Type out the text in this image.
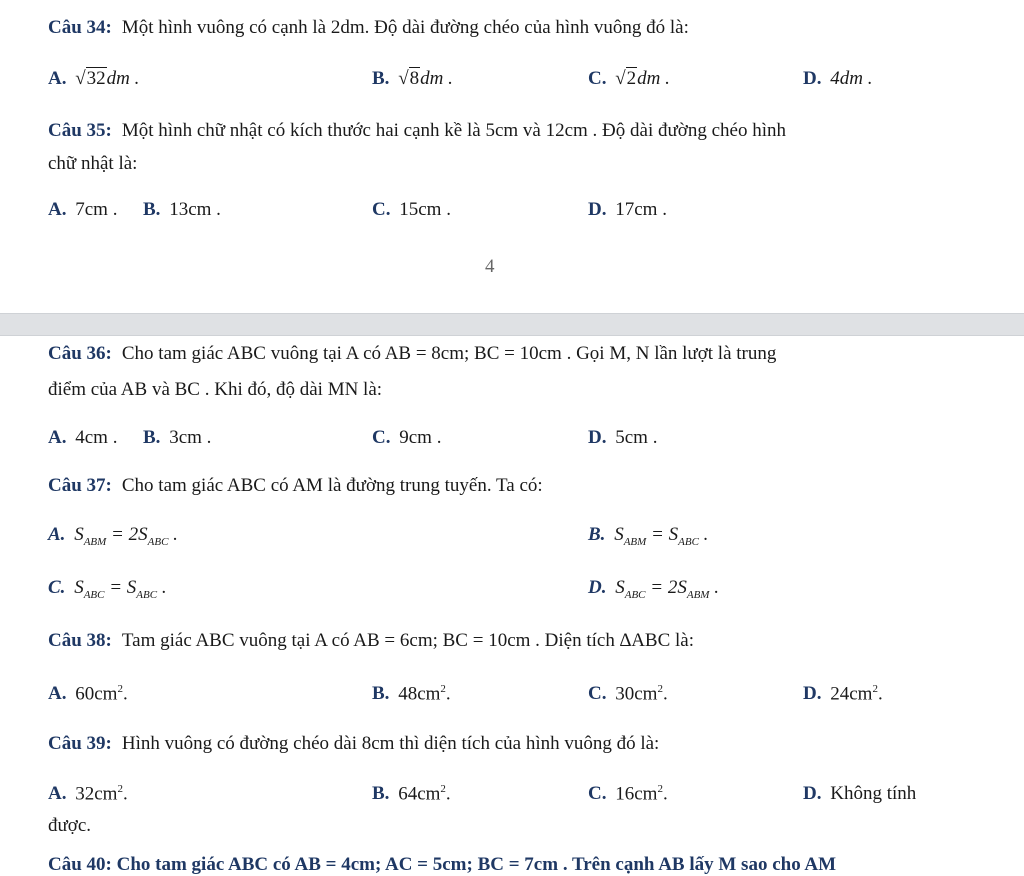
Câu 34: Một hình vuông có cạnh là 2dm. Độ dài đường chéo của hình vuông đó là:
A. √32dm .	B. √8dm .	C. √2dm .	D. 4dm .
Câu 35: Một hình chữ nhật có kích thước hai cạnh kề là 5cm và 12cm . Độ dài đường chéo hình
chữ nhật là:
A. 7cm . B. 13cm .	C. 15cm .	D. 17cm .
4
Câu 36: Cho tam giác ABC vuông tại A có AB = 8cm; BC = 10cm . Gọi M, N lần lượt là trung
điểm của AB và BC . Khi đó, độ dài MN là:
A. 4cm . B. 3cm .	C. 9cm .	D. 5cm .
Câu 37: Cho tam giác ABC có AM là đường trung tuyến. Ta có:
A. $S_{ABM} = 2S_{ABC}$ .	B. $S_{ABM} = S_{ABC}$ .
C. $S_{ABC} = S_{ABC}$ .	D. $S_{ABC} = 2S_{ABM}$ .
Câu 38: Tam giác ABC vuông tại A có AB = 6cm; BC = 10cm . Diện tích ∆ABC là:
A. $60cm^2$.	B. $48cm^2$.	C. $30cm^2$.	D. $24cm^2$.
Câu 39: Hình vuông có đường chéo dài 8cm thì diện tích của hình vuông đó là:
A. $32cm^2$.	B. $64cm^2$.	C. $16cm^2$.	D. Không tính
được.
Câu 40: Cho tam giác ABC có AB = 4cm; AC = 5cm; BC = 7cm . Trên cạnh AB lấy M sao cho AM
